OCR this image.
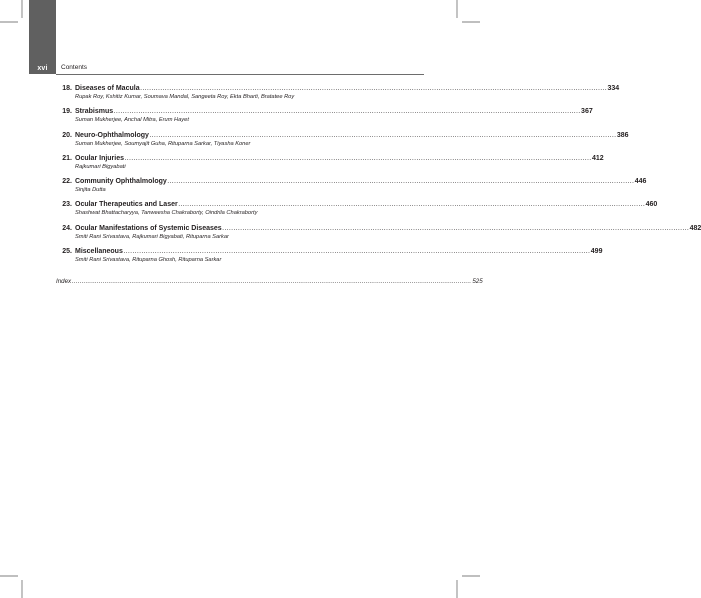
xvi	Contents
18. Diseases of Macula ................................................................................................................................................................................................................ 334
Rupak Roy, Kshitiz Kumar, Soumava Mandal, Sangeeta Roy, Ekta Bharti, Bratatee Roy
19. Strabismus ................................................................................................................................................................................................................ 367
Suman Mukherjee, Anchal Mitra, Erum Hayet
20. Neuro-Ophthalmology ................................................................................................................................................................................................................ 386
Suman Mukherjee, Soumyajit Guha, Rituparna Sarkar, Tiyasha Koner
21. Ocular Injuries ................................................................................................................................................................................................................ 412
Rajkumari Bigyabati
22. Community Ophthalmology ................................................................................................................................................................................................................ 446
Sinjita Dutta
23. Ocular Therapeutics and Laser ................................................................................................................................................................................................................ 460
Shashwat Bhattacharyya, Tanweesha Chakraborty, Oindrila Chakraborty
24. Ocular Manifestations of Systemic Diseases ................................................................................................................................................................................................................ 482
Smiti Rani Srivastava, Rajkumari Bigyabati, Rituparna Sarkar
25. Miscellaneous ................................................................................................................................................................................................................ 499
Smiti Rani Srivastava, Rituparna Ghosh, Rituparna Sarkar
Index ................................................................................................................................................................................................................ 525
